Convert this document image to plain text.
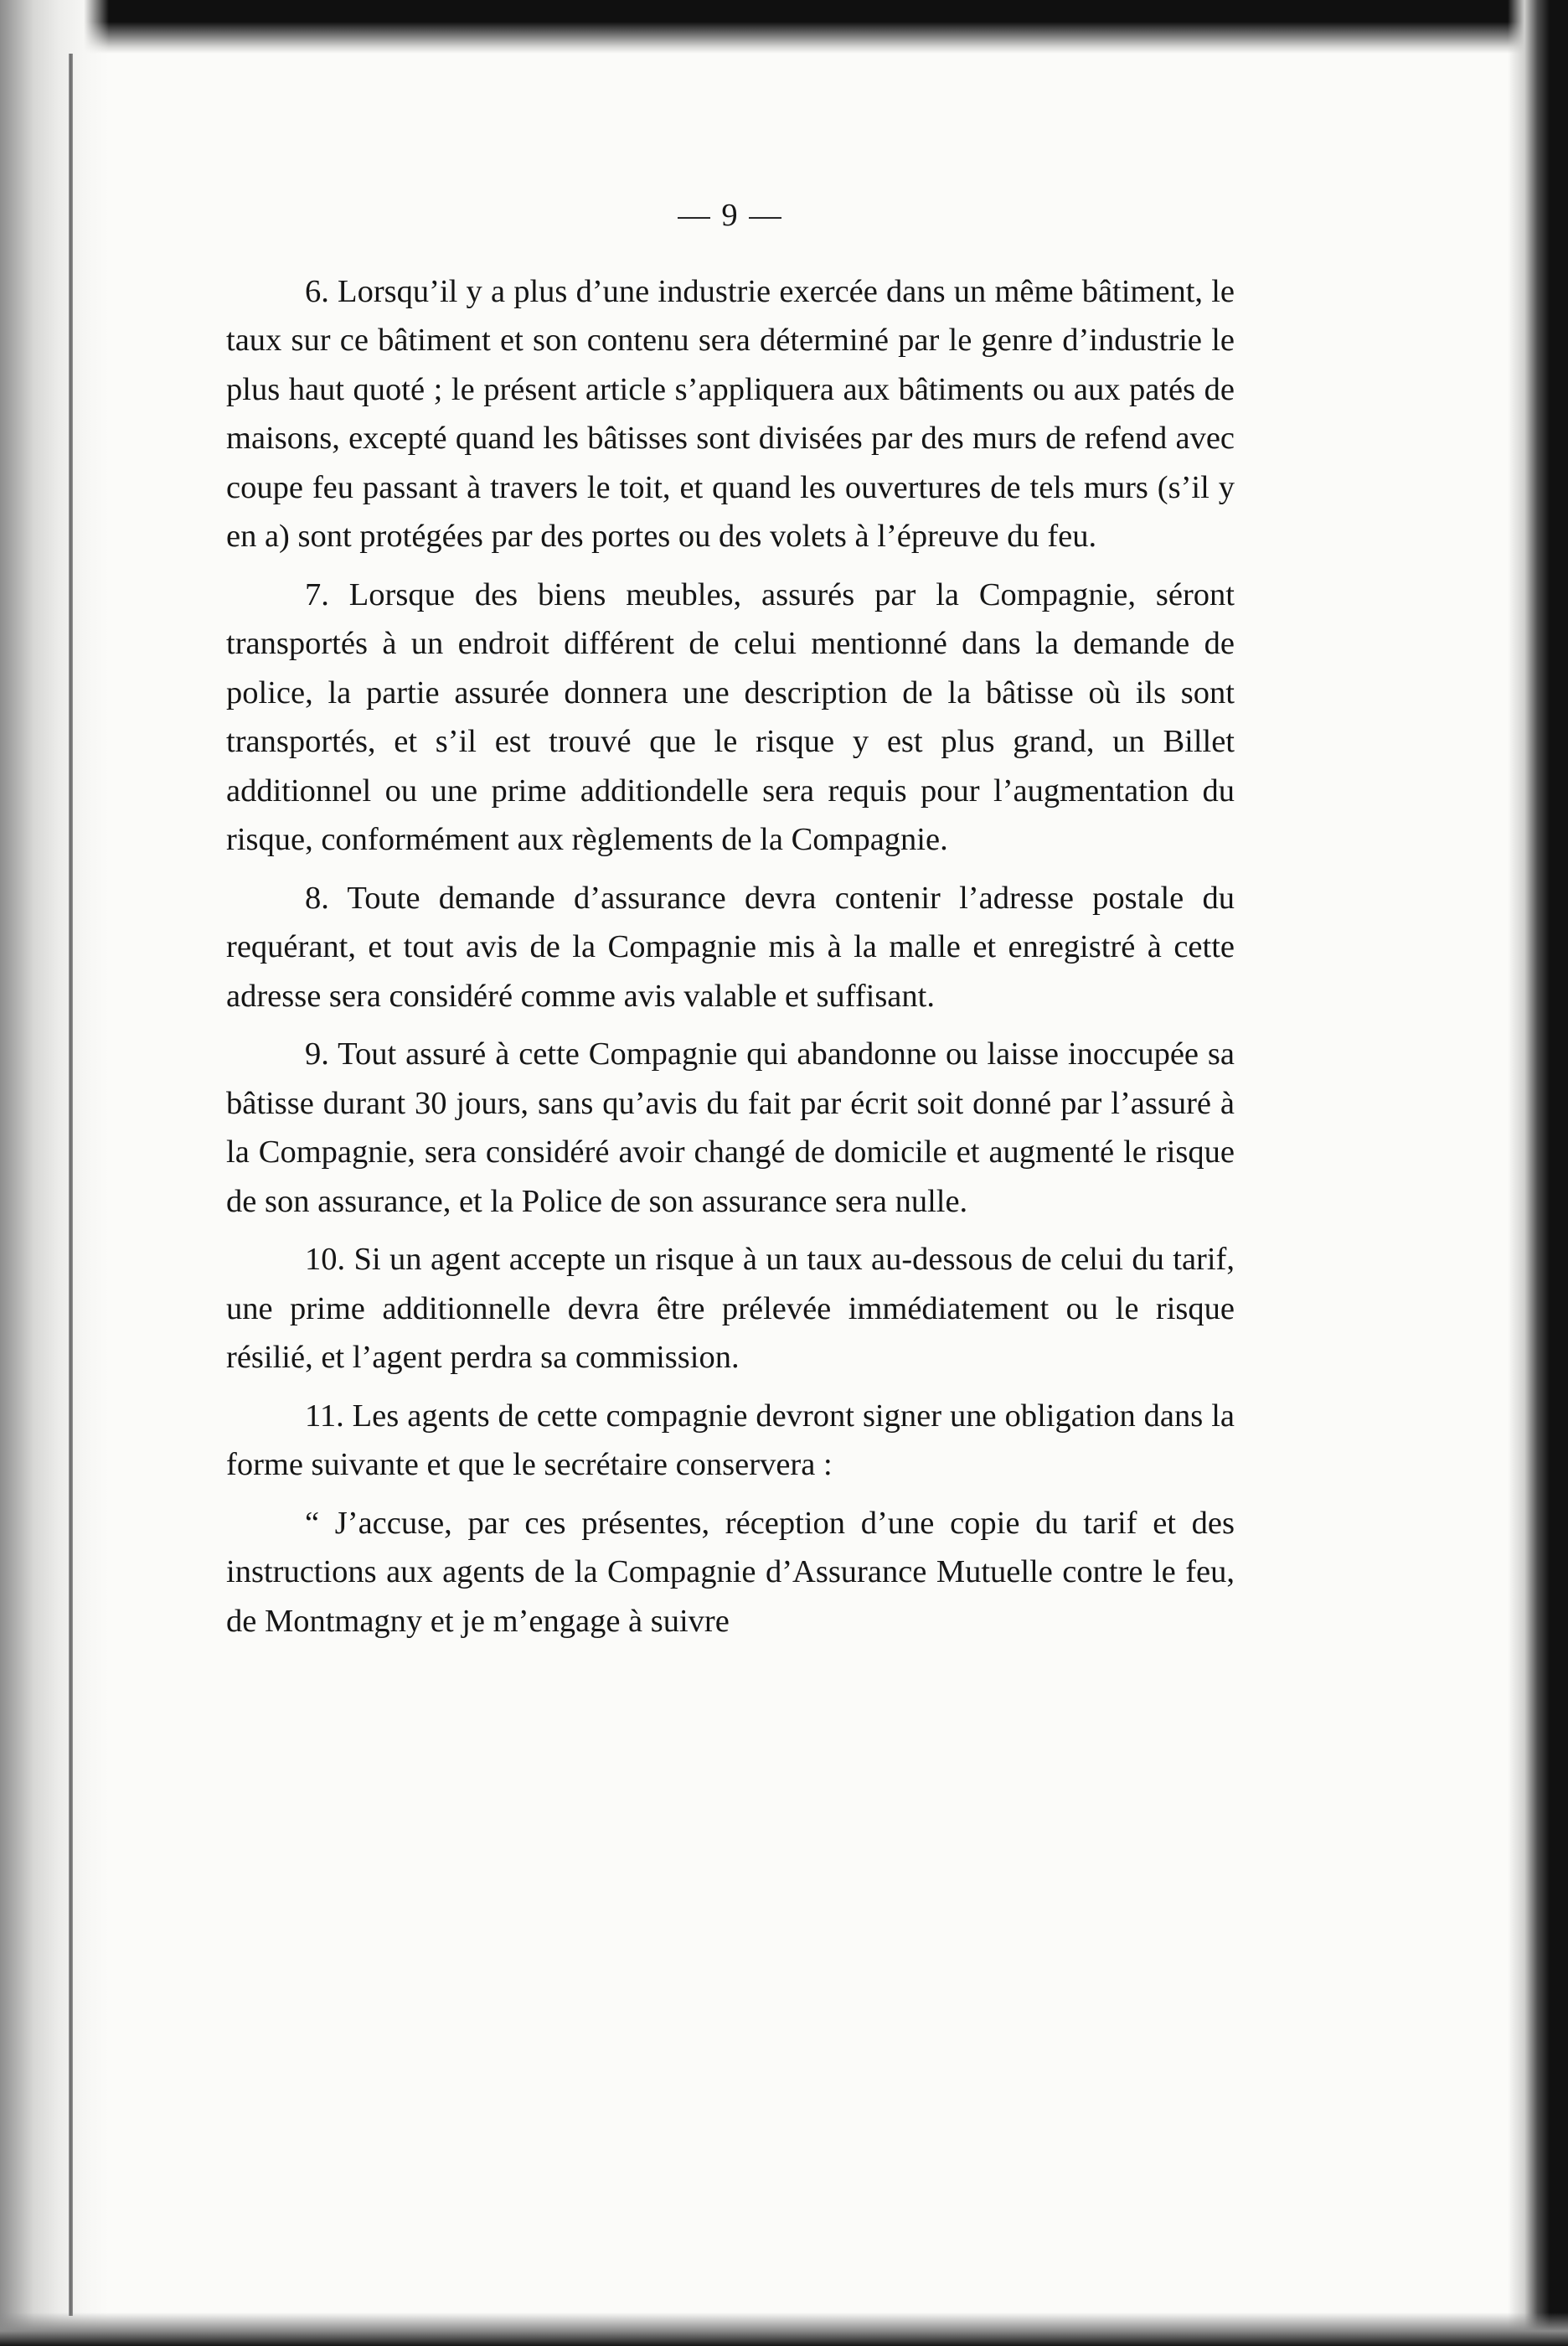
— 9 —

6. Lorsqu’il y a plus d’une industrie exercée dans un même bâtiment, le taux sur ce bâtiment et son contenu sera déterminé par le genre d’industrie le plus haut quoté ; le présent article s’appliquera aux bâtiments ou aux patés de maisons, excepté quand les bâtisses sont divisées par des murs de refend avec coupe feu passant à travers le toit, et quand les ouvertures de tels murs (s’il y en a) sont protégées par des portes ou des volets à l’épreuve du feu.

7. Lorsque des biens meubles, assurés par la Compagnie, séront transportés à un endroit différent de celui mentionné dans la demande de police, la partie assurée donnera une description de la bâtisse où ils sont transportés, et s’il est trouvé que le risque y est plus grand, un Billet additionnel ou une prime additiondelle sera requis pour l’augmentation du risque, conformément aux règlements de la Compagnie.

8. Toute demande d’assurance devra contenir l’adresse postale du requérant, et tout avis de la Compagnie mis à la malle et enregistré à cette adresse sera considéré comme avis valable et suffisant.

9. Tout assuré à cette Compagnie qui abandonne ou laisse inoccupée sa bâtisse durant 30 jours, sans qu’avis du fait par écrit soit donné par l’assuré à la Compagnie, sera considéré avoir changé de domicile et augmenté le risque de son assurance, et la Police de son assurance sera nulle.

10. Si un agent accepte un risque à un taux au-dessous de celui du tarif, une prime additionnelle devra être prélevée immédiatement ou le risque résilié, et l’agent perdra sa commission.

11. Les agents de cette compagnie devront signer une obligation dans la forme suivante et que le secrétaire conservera :

“ J’accuse, par ces présentes, réception d’une copie du tarif et des instructions aux agents de la Compagnie d’Assurance Mutuelle contre le feu, de Montmagny et je m’engage à suivre
